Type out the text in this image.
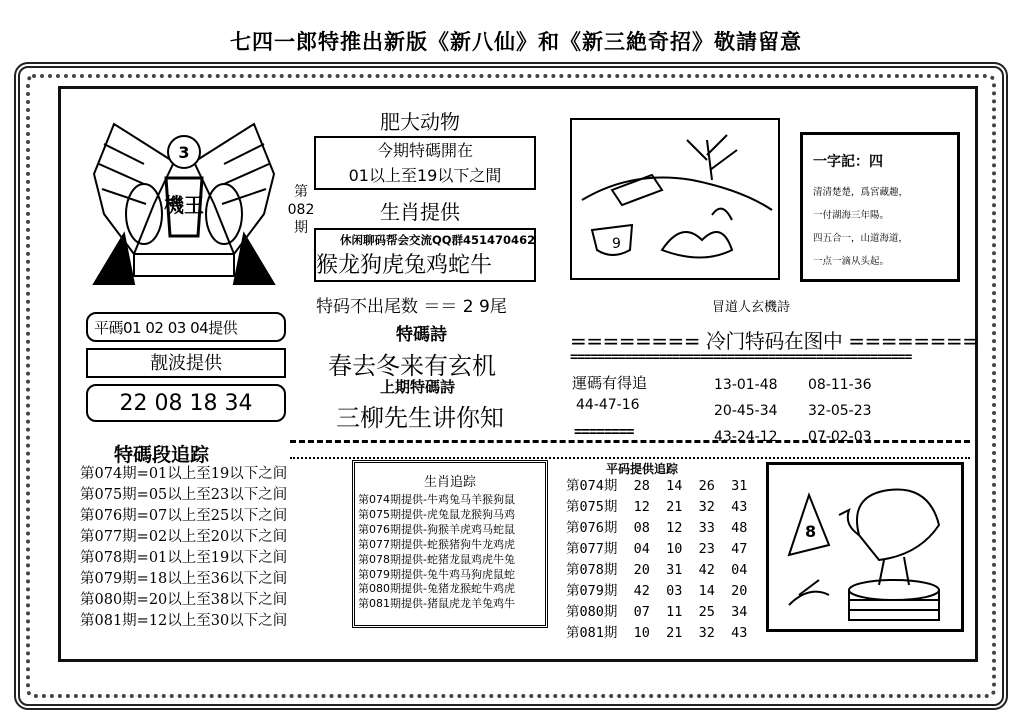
七四一郎特推出新版《新八仙》和《新三絶奇招》敬請留意
3
機王
第
082
期
平碼01 02 03 04提供
靓波提供
22 08 18 34
肥大动物
今期特碼開在
01以上至19以下之間
生肖提供
休闲聊码帮会交流QQ群451470462
猴龙狗虎兔鸡蛇牛
特码不出尾数 ＝＝ 2 9尾
特碼詩
春去冬来有玄机
上期特碼詩
三柳先生讲你知
9
一字記：四
清清楚楚，爲宮藏趣，
一付湖海三年陽。
四五合一，山道海道，
一点一滴从头起。
冒道人玄機詩
======== 冷门特码在图中 ========
==================================================
運碼有得追
44-47-16
========
13-01-48
20-45-34
43-24-12
08-11-36
32-05-23
07-02-03
特碼段追踪
第074期=01以上至19以下之间
第075期=05以上至23以下之间
第076期=07以上至25以下之间
第077期=02以上至20以下之间
第078期=01以上至19以下之间
第079期=18以上至36以下之间
第080期=20以上至38以下之间
第081期=12以上至30以下之间
生肖追踪
第074期提供-牛鸡兔马羊猴狗鼠
第075期提供-虎兔鼠龙猴狗马鸡
第076期提供-狗猴羊虎鸡马蛇鼠
第077期提供-蛇猴猪狗牛龙鸡虎
第078期提供-蛇猪龙鼠鸡虎牛兔
第079期提供-兔牛鸡马狗虎鼠蛇
第080期提供-兔猪龙猴蛇牛鸡虎
第081期提供-猪鼠虎龙羊兔鸡牛
平码提供追踪
第074期  28  14  26  31
第075期  12  21  32  43
第076期  08  12  33  48
第077期  04  10  23  47
第078期  20  31  42  04
第079期  42  03  14  20
第080期  07  11  25  34
第081期  10  21  32  43
8
